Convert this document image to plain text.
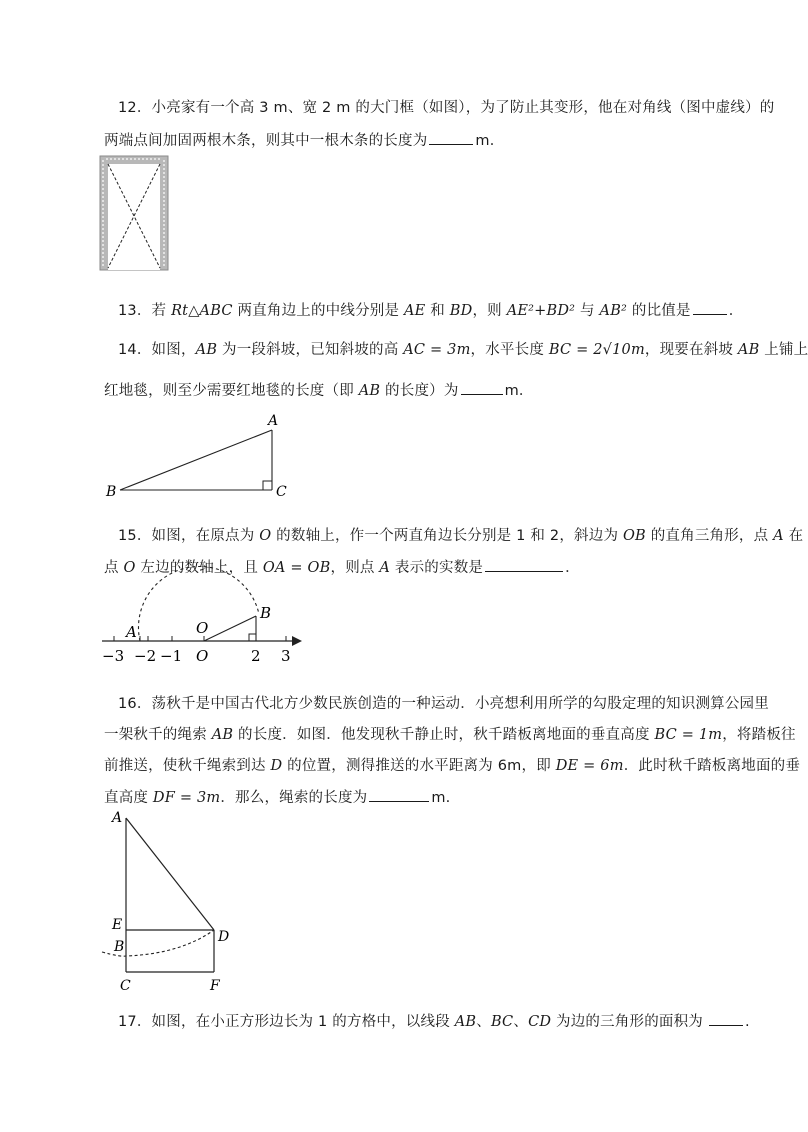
12．小亮家有一个高 3 m、宽 2 m 的大门框（如图），为了防止其变形，他在对角线（图中虚线）的
两端点间加固两根木条，则其中一根木条的长度为	m．
13．若 Rt△ABC 两直角边上的中线分别是 AE 和 BD，则 AE²+BD² 与 AB² 的比值是	．
14．如图，AB 为一段斜坡，已知斜坡的高 AC = 3m，水平长度 BC = 2√10m，现要在斜坡 AB 上铺上
红地毯，则至少需要红地毯的长度（即 AB 的长度）为	m．
A
B	C
15．如图，在原点为 O 的数轴上，作一个两直角边长分别是 1 和 2，斜边为 OB 的直角三角形，点 A 在
点 O 左边的数轴上，且 OA = OB，则点 A 表示的实数是	．
A	O
B
−3 −2 −1 O	2 3
16．荡秋千是中国古代北方少数民族创造的一种运动．小亮想利用所学的勾股定理的知识测算公园里
一架秋千的绳索 AB 的长度．如图．他发现秋千静止时，秋千踏板离地面的垂直高度 BC = 1m，将踏板往
前推送，使秋千绳索到达 D 的位置，测得推送的水平距离为 6m，即 DE = 6m．此时秋千踏板离地面的垂
直高度 DF = 3m．那么，绳索的长度为	m.
A
E
B
D
C	F
17．如图，在小正方形边长为 1 的方格中，以线段 AB、BC、CD 为边的三角形的面积为	.
